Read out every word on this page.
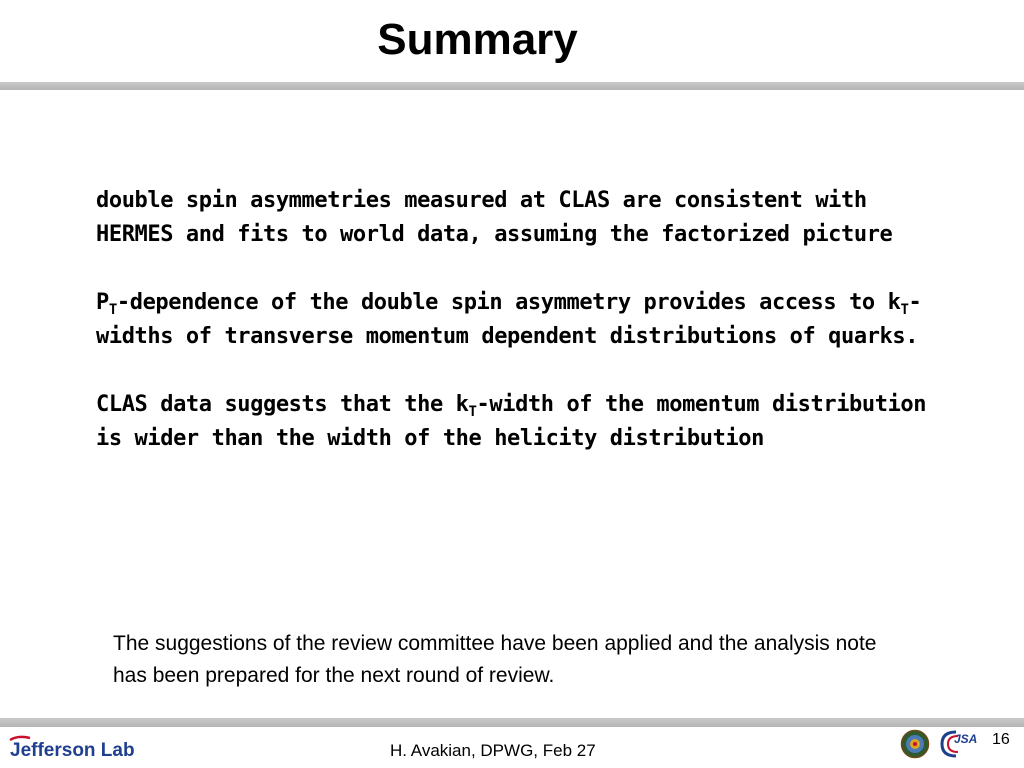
Summary

double spin asymmetries measured at CLAS are consistent with HERMES and fits to world data, assuming the factorized picture

$P_T$-dependence of the double spin asymmetry provides access to $k_T$-widths of transverse momentum dependent distributions of quarks.

CLAS data suggests that the $k_T$-width of the momentum distribution is wider than the width of the helicity distribution

The suggestions of the review committee have been applied and the analysis note has been prepared for the next round of review.
Jefferson Lab	H. Avakian, DPWG, Feb 27
JSA 16
